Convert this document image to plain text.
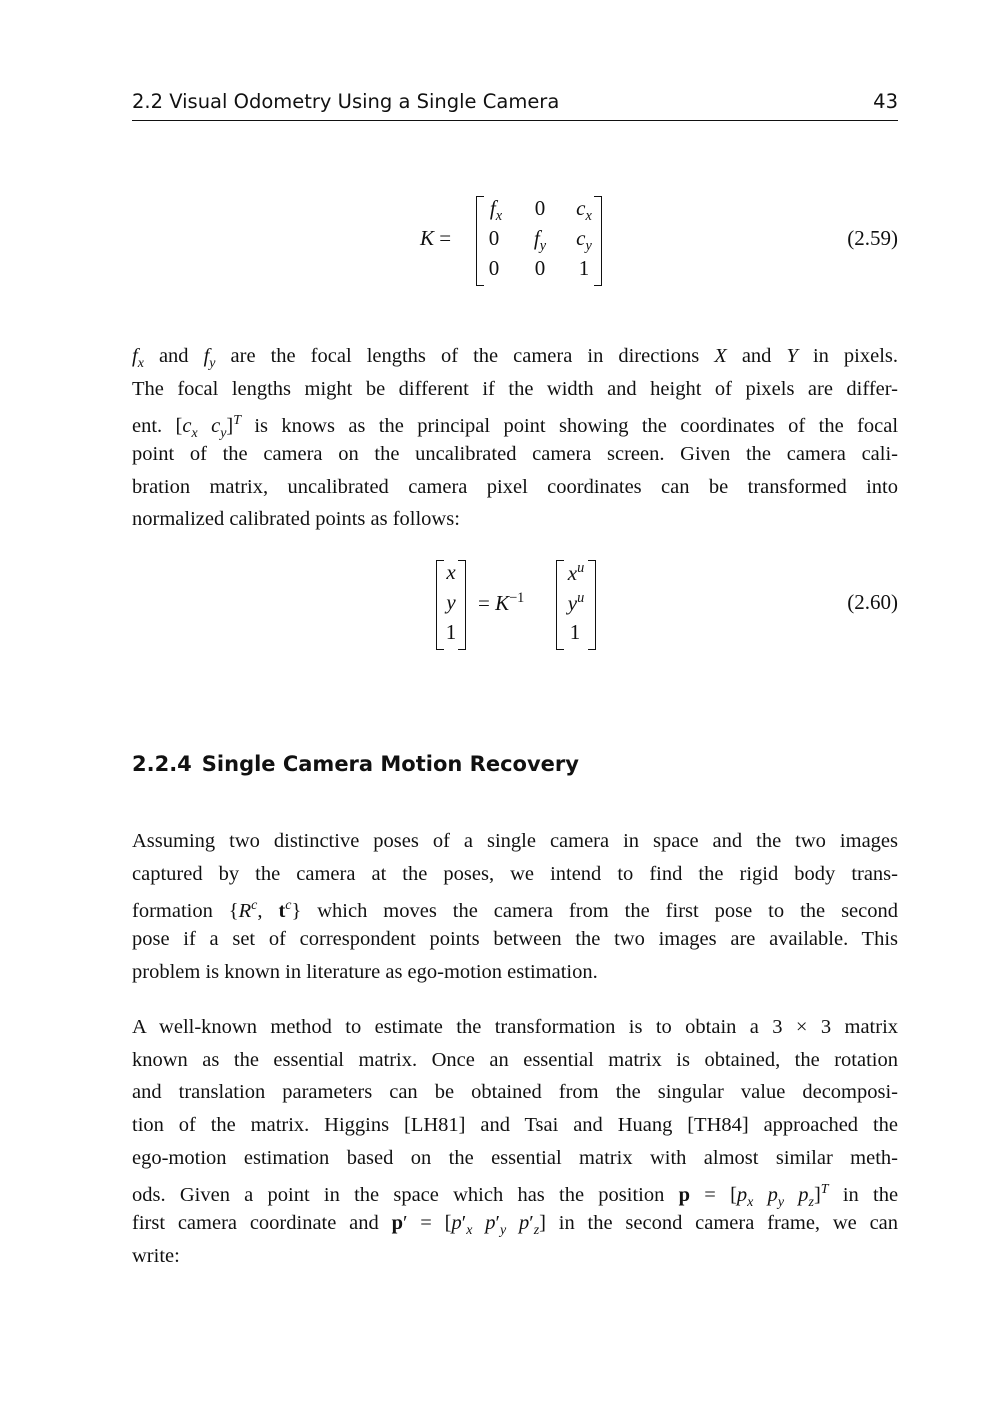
2.2 Visual Odometry Using a Single Camera	43
K =
$f_x$	0	$c_x$
0	$f_y$	$c_y$
0	0	1
(2.59)
$f_x$ and $f_y$ are the focal lengths of the camera in directions X and Y in pixels.
The focal lengths might be different if the width and height of pixels are differ-
ent. [$c_x$ $c_y]^T$ is knows as the principal point showing the coordinates of the focal
point of the camera on the uncalibrated camera screen. Given the camera cali-
bration matrix, uncalibrated camera pixel coordinates can be transformed into
normalized calibrated points as follows:
x
y
1
= $K^{-1}$
$x^u$
$y^u$
1
(2.60)
2.2.4 Single Camera Motion Recovery
Assuming two distinctive poses of a single camera in space and the two images
captured by the camera at the poses, we intend to find the rigid body trans-
formation {$R^c$, $t^c$} which moves the camera from the first pose to the second
pose if a set of correspondent points between the two images are available. This
problem is known in literature as ego-motion estimation.
A well-known method to estimate the transformation is to obtain a 3 × 3 matrix
known as the essential matrix. Once an essential matrix is obtained, the rotation
and translation parameters can be obtained from the singular value decomposi-
tion of the matrix. Higgins [LH81] and Tsai and Huang [TH84] approached the
ego-motion estimation based on the essential matrix with almost similar meth-
ods. Given a point in the space which has the position $p = [p_x$ $p_y$ $p_z]^T$ in the
first camera coordinate and $p' = [p'_x$ $p'_y$ $p'_z$] in the second camera frame, we can
write:
